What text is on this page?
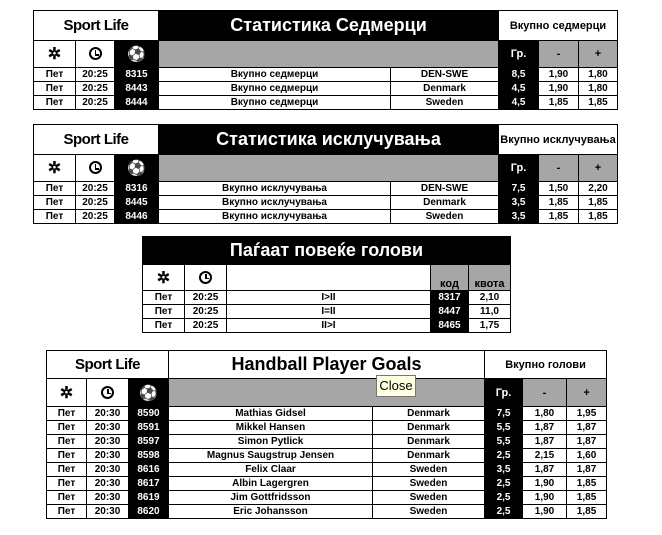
Sport Life			Статистика Седмерци		Вкупно седмерци		
✲		⚽			Гр.	-	+
Пет	20:25	8315	Вкупно седмерци	DEN-SWE	8,5	1,90	1,80
Пет	20:25	8443	Вкупно седмерци	Denmark	4,5	1,90	1,80
Пет	20:25	8444	Вкупно седмерци	Sweden	4,5	1,85	1,85
Sport Life			Статистика исклучувања		Вкупно исклучувања		
✲		⚽			Гр.	-	+
Пет	20:25	8316	Вкупно исклучувања	DEN-SWE	7,5	1,50	2,20
Пет	20:25	8445	Вкупно исклучувања	Denmark	3,5	1,85	1,85
Пет	20:25	8446	Вкупно исклучувања	Sweden	3,5	1,85	1,85
Паѓаат повеќе голови				
✲			код	квота
Пет	20:25	I>II	8317	2,10
Пет	20:25	I=II	8447	11,0
Пет	20:25	II>I	8465	1,75
Sport Life			Handball Player Goals		Вкупно голови		
✲		⚽			Гр.	-	+
Пет	20:30	8590	Mathias Gidsel	Denmark	7,5	1,80	1,95
Пет	20:30	8591	Mikkel Hansen	Denmark	5,5	1,87	1,87
Пет	20:30	8597	Simon Pytlick	Denmark	5,5	1,87	1,87
Пет	20:30	8598	Magnus Saugstrup Jensen	Denmark	2,5	2,15	1,60
Пет	20:30	8616	Felix Claar	Sweden	3,5	1,87	1,87
Пет	20:30	8617	Albin Lagergren	Sweden	2,5	1,90	1,85
Пет	20:30	8619	Jim Gottfridsson	Sweden	2,5	1,90	1,85
Пет	20:30	8620	Eric Johansson	Sweden	2,5	1,90	1,85
Close
